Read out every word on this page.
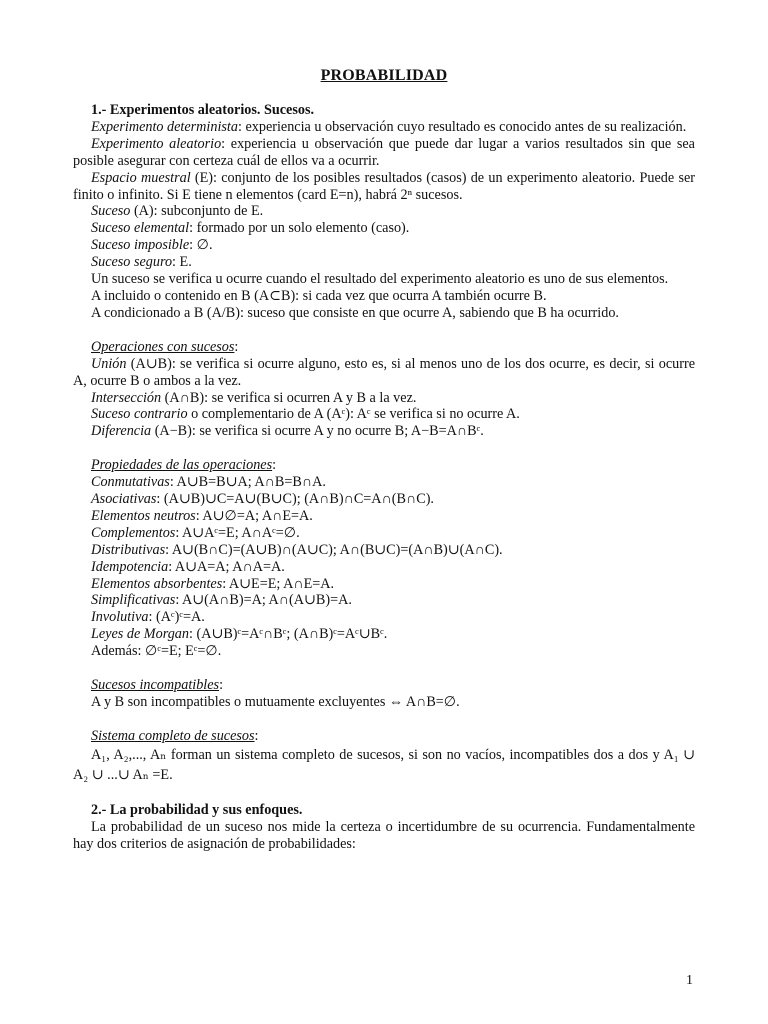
PROBABILIDAD

1.- Experimentos aleatorios. Sucesos.

Experimento determinista: experiencia u observación cuyo resultado es conocido antes de su realización.

Experimento aleatorio: experiencia u observación que puede dar lugar a varios resultados sin que sea posible asegurar con certeza cuál de ellos va a ocurrir.

Espacio muestral (E): conjunto de los posibles resultados (casos) de un experimento aleatorio. Puede ser finito o infinito. Si E tiene n elementos (card E=n), habrá 2ⁿ sucesos.

Suceso (A): subconjunto de E.

Suceso elemental: formado por un solo elemento (caso).

Suceso imposible: ∅.

Suceso seguro: E.

Un suceso se verifica u ocurre cuando el resultado del experimento aleatorio es uno de sus elementos.

A incluido o contenido en B (A⊂B): si cada vez que ocurra A también ocurre B.

A condicionado a B (A/B): suceso que consiste en que ocurre A, sabiendo que B ha ocurrido.

Operaciones con sucesos:

Unión (A∪B): se verifica si ocurre alguno, esto es, si al menos uno de los dos ocurre, es decir, si ocurre A, ocurre B o ambos a la vez.

Intersección (A∩B): se verifica si ocurren A y B a la vez.

Suceso contrario o complementario de A (Aᶜ): Aᶜ se verifica si no ocurre A.

Diferencia (A−B): se verifica si ocurre A y no ocurre B; A−B=A∩Bᶜ.

Propiedades de las operaciones:

Conmutativas: A∪B=B∪A; A∩B=B∩A.

Asociativas: (A∪B)∪C=A∪(B∪C); (A∩B)∩C=A∩(B∩C).

Elementos neutros: A∪∅=A; A∩E=A.

Complementos: A∪Aᶜ=E; A∩Aᶜ=∅.

Distributivas: A∪(B∩C)=(A∪B)∩(A∪C); A∩(B∪C)=(A∩B)∪(A∩C).

Idempotencia: A∪A=A; A∩A=A.

Elementos absorbentes: A∪E=E; A∩E=A.

Simplificativas: A∪(A∩B)=A; A∩(A∪B)=A.

Involutiva: (Aᶜ)ᶜ=A.

Leyes de Morgan: (A∪B)ᶜ=Aᶜ∩Bᶜ; (A∩B)ᶜ=Aᶜ∪Bᶜ.

Además: ∅ᶜ=E; Eᶜ=∅.

Sucesos incompatibles:

A y B son incompatibles o mutuamente excluyentes ⇔ A∩B=∅.

Sistema completo de sucesos:

A₁, A₂,..., Aₙ forman un sistema completo de sucesos, si son no vacíos, incompatibles dos a dos y A₁ ∪ A₂ ∪ ...∪ Aₙ =E.

2.- La probabilidad y sus enfoques.

La probabilidad de un suceso nos mide la certeza o incertidumbre de su ocurrencia. Fundamentalmente hay dos criterios de asignación de probabilidades:

1
